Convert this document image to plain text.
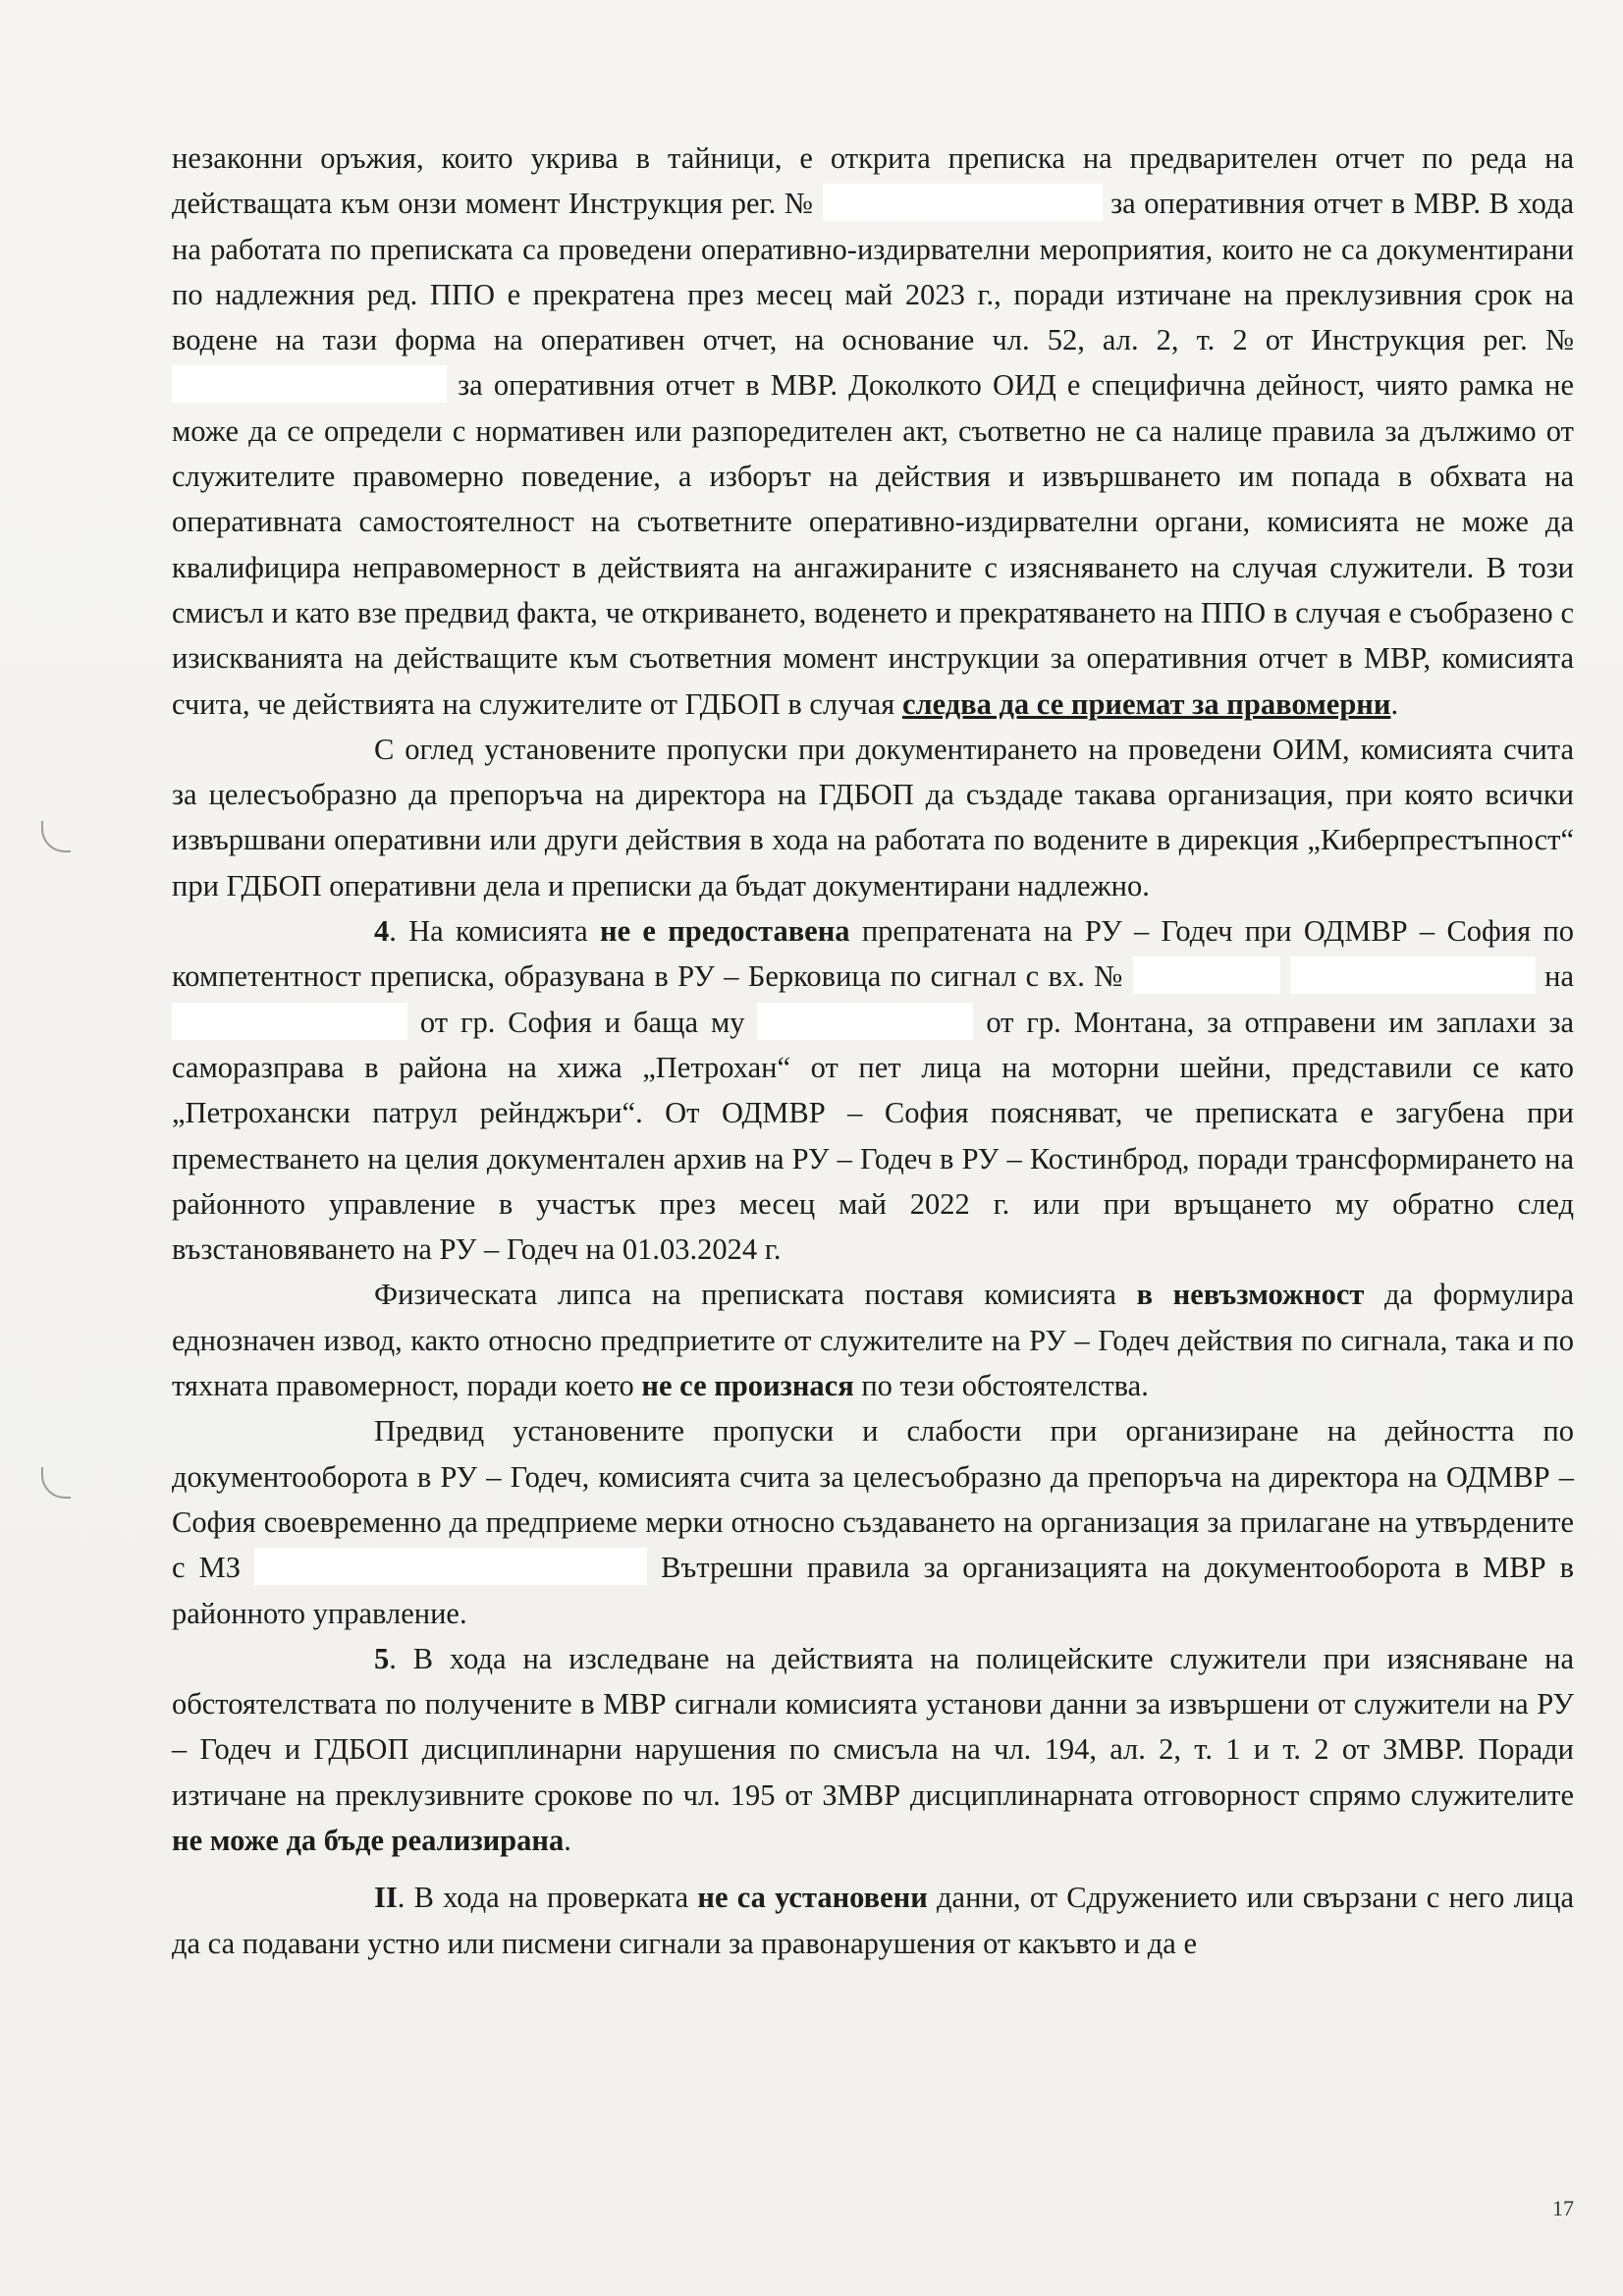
незаконни оръжия, които укрива в тайници, е открита преписка на предварителен отчет по реда на действащата към онзи момент Инструкция рег. №	за оперативния отчет в МВР. В хода на работата по преписката са проведени оперативно-издирвателни мероприятия, които не са документирани по надлежния ред. ППО е прекратена през месец май 2023 г., поради изтичане на преклузивния срок на водене на тази форма на оперативен отчет, на основание чл. 52, ал. 2, т. 2 от Инструкция рег. №  за оперативния отчет в МВР. Доколкото ОИД е специфична дейност, чиято рамка не може да се определи с нормативен или разпоредителен акт, съответно не са налице правила за дължимо от служителите правомерно поведение, а изборът на действия и извършването им попада в обхвата на оперативната самостоятелност на съответните оперативно-издирвателни органи, комисията не може да квалифицира неправомерност в действията на ангажираните с изясняването на случая служители. В този смисъл и като взе предвид факта, че откриването, воденето и прекратяването на ППО в случая е съобразено с изискванията на действащите към съответния момент инструкции за оперативния отчет в МВР, комисията счита, че действията на служителите от ГДБОП в случая следва да се приемат за правомерни.

С оглед установените пропуски при документирането на проведени ОИМ, комисията счита за целесъобразно да препоръча на директора на ГДБОП да създаде такава организация, при която всички извършвани оперативни или други действия в хода на работата по водените в дирекция „Киберпрестъпност“ при ГДБОП оперативни дела и преписки да бъдат документирани надлежно.

4. На комисията не е предоставена препратената на РУ – Годеч при ОДМВР – София по компетентност преписка, образувана в РУ – Берковица по сигнал с вх. №	на  от гр. София и баща му	от гр. Монтана, за отправени им заплахи за саморазправа в района на хижа „Петрохан“ от пет лица на моторни шейни, представили се като „Петрохански патрул рейнджъри“. От ОДМВР – София поясняват, че преписката е загубена при преместването на целия документален архив на РУ – Годеч в РУ – Костинброд, поради трансформирането на районното управление в участък през месец май 2022 г. или при връщането му обратно след възстановяването на РУ – Годеч на 01.03.2024 г.

Физическата липса на преписката поставя комисията в невъзможност да формулира еднозначен извод, както относно предприетите от служителите на РУ – Годеч действия по сигнала, така и по тяхната правомерност, поради което не се произнася по тези обстоятелства.

Предвид установените пропуски и слабости при организиране на дейността по документооборота в РУ – Годеч, комисията счита за целесъобразно да препоръча на директора на ОДМВР – София своевременно да предприеме мерки относно създаването на организация за прилагане на утвърдените с МЗ	Вътрешни правила за организацията на документооборота в МВР в районното управление.

5. В хода на изследване на действията на полицейските служители при изясняване на обстоятелствата по получените в МВР сигнали комисията установи данни за извършени от служители на РУ – Годеч и ГДБОП дисциплинарни нарушения по смисъла на чл. 194, ал. 2, т. 1 и т. 2 от ЗМВР. Поради изтичане на преклузивните срокове по чл. 195 от ЗМВР дисциплинарната отговорност спрямо служителите не може да бъде реализирана.

II. В хода на проверката не са установени данни, от Сдружението или свързани с него лица да са подавани устно или писмени сигнали за правонарушения от какъвто и да е

17
